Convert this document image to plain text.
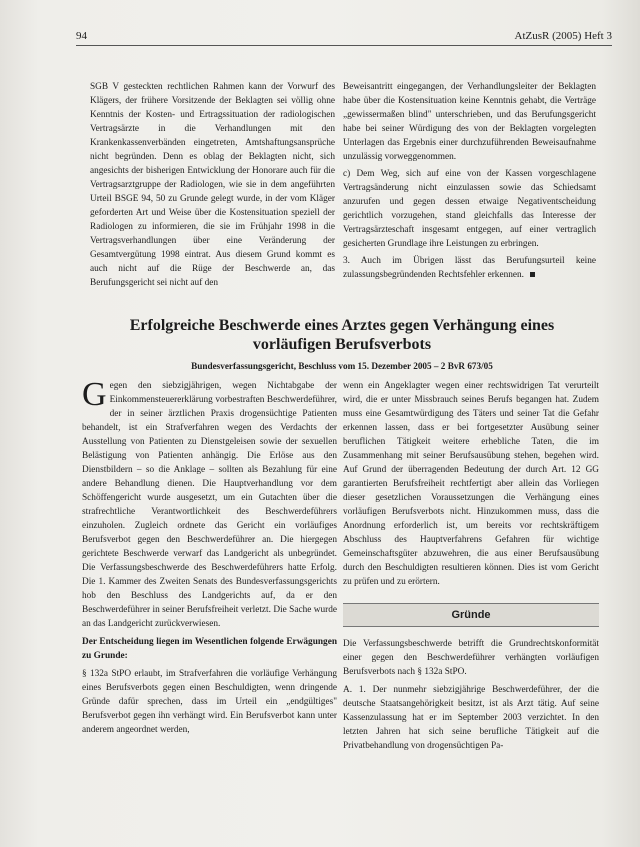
94	AtZusR (2005) Heft 3

SGB V gesteckten rechtlichen Rahmen kann der Vorwurf des Klägers, der frühere Vorsitzende der Beklagten sei völlig ohne Kenntnis der Kosten- und Ertragssituation der radiologischen Vertragsärzte in die Verhandlungen mit den Krankenkassenverbänden eingetreten, Amtshaftungsansprüche nicht begründen. Denn es oblag der Beklagten nicht, sich angesichts der bisherigen Entwicklung der Honorare auch für die Vertragsarztgruppe der Radiologen, wie sie in dem angeführten Urteil BSGE 94, 50 zu Grunde gelegt wurde, in der vom Kläger geforderten Art und Weise über die Kostensituation speziell der Radiologen zu informieren, die sie im Frühjahr 1998 in die Vertragsverhandlungen über eine Veränderung der Gesamtvergütung 1998 eintrat. Aus diesem Grund kommt es auch nicht auf die Rüge der Beschwerde an, das Berufungsgericht sei nicht auf den

Beweisantritt eingegangen, der Verhandlungsleiter der Beklagten habe über die Kostensituation keine Kenntnis gehabt, die Verträge „gewissermaßen blind" unterschrieben, und das Berufungsgericht habe bei seiner Würdigung des von der Beklagten vorgelegten Unterlagen das Ergebnis einer durchzuführenden Beweisaufnahme unzulässig vorweggenommen.

c) Dem Weg, sich auf eine von der Kassen vorgeschlagene Vertragsänderung nicht einzulassen sowie das Schiedsamt anzurufen und gegen dessen etwaige Negativentscheidung gerichtlich vorzugehen, stand gleichfalls das Interesse der Vertragsärzteschaft insgesamt entgegen, auf einer vertraglich gesicherten Grundlage ihre Leistungen zu erbringen.

3. Auch im Übrigen lässt das Berufungsurteil keine zulassungsbegründenden Rechtsfehler erkennen.

Erfolgreiche Beschwerde eines Arztes gegen Verhängung eines vorläufigen Berufsverbots
Bundesverfassungsgericht, Beschluss vom 15. Dezember 2005 – 2 BvR 673/05

Gegen den siebzigjährigen, wegen Nichtabgabe der Einkommensteuererklärung vorbestraften Beschwerdeführer, der in seiner ärztlichen Praxis drogensüchtige Patienten behandelt, ist ein Strafverfahren wegen des Verdachts der Ausstellung von Patienten zu Dienstgeleisen sowie der sexuellen Belästigung von Patienten anhängig. Die Erlöse aus den Dienstbildern – so die Anklage – sollten als Bezahlung für eine andere Behandlung dienen. Die Hauptverhandlung vor dem Schöffengericht wurde ausgesetzt, um ein Gutachten über die strafrechtliche Verantwortlichkeit des Beschwerdeführers einzuholen. Zugleich ordnete das Gericht ein vorläufiges Berufsverbot gegen den Beschwerdeführer an. Die hiergegen gerichtete Beschwerde verwarf das Landgericht als unbegründet. Die Verfassungsbeschwerde des Beschwerdeführers hatte Erfolg. Die 1. Kammer des Zweiten Senats des Bundesverfassungsgerichts hob den Beschluss des Landgerichts auf, da er den Beschwerdeführer in seiner Berufsfreiheit verletzt. Die Sache wurde an das Landgericht zurückverwiesen.

Der Entscheidung liegen im Wesentlichen folgende Erwägungen zu Grunde:

§ 132a StPO erlaubt, im Strafverfahren die vorläufige Verhängung eines Berufsverbots gegen einen Beschuldigten, wenn dringende Gründe dafür sprechen, dass im Urteil ein „endgültiges" Berufsverbot gegen ihn verhängt wird. Ein Berufsverbot kann unter anderem angeordnet werden,

wenn ein Angeklagter wegen einer rechtswidrigen Tat verurteilt wird, die er unter Missbrauch seines Berufs begangen hat. Zudem muss eine Gesamtwürdigung des Täters und seiner Tat die Gefahr erkennen lassen, dass er bei fortgesetzter Ausübung seiner beruflichen Tätigkeit weitere erhebliche Taten, die im Zusammenhang mit seiner Berufsausübung stehen, begehen wird. Auf Grund der überragenden Bedeutung der durch Art. 12 GG garantierten Berufsfreiheit rechtfertigt aber allein das Vorliegen dieser gesetzlichen Voraussetzungen die Verhängung eines vorläufigen Berufsverbots nicht. Hinzukommen muss, dass die Anordnung erforderlich ist, um bereits vor rechtskräftigem Abschluss des Hauptverfahrens Gefahren für wichtige Gemeinschaftsgüter abzuwehren, die aus einer Berufsausübung durch den Beschuldigten resultieren können. Dies ist vom Gericht zu prüfen und zu erörtern.

Gründe

Die Verfassungsbeschwerde betrifft die Grundrechtskonformität einer gegen den Beschwerdeführer verhängten vorläufigen Berufsverbots nach § 132a StPO.

A. 1. Der nunmehr siebzigjährige Beschwerdeführer, der die deutsche Staatsangehörigkeit besitzt, ist als Arzt tätig. Auf seine Kassenzulassung hat er im September 2003 verzichtet. In den letzten Jahren hat sich seine berufliche Tätigkeit auf die Privatbehandlung von drogensüchtigen Pa-
